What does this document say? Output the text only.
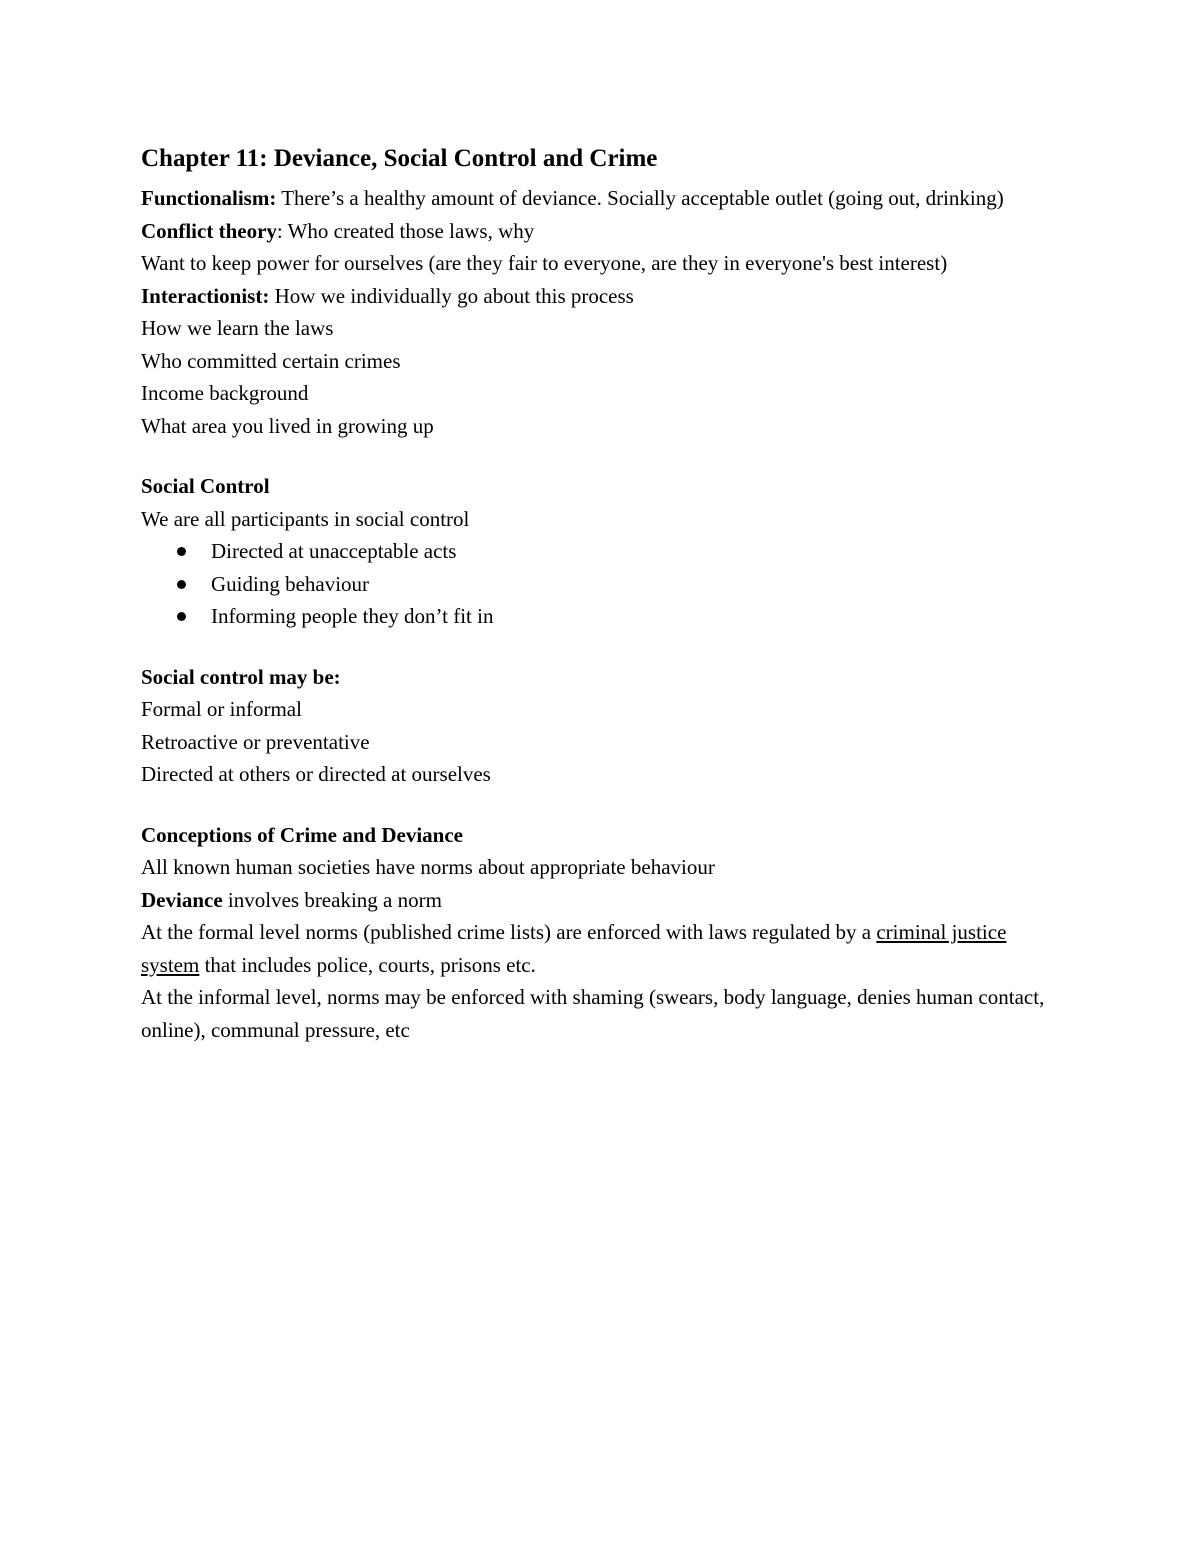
Chapter 11: Deviance, Social Control and Crime

Functionalism: There’s a healthy amount of deviance. Socially acceptable outlet (going out, drinking)

Conflict theory: Who created those laws, why

Want to keep power for ourselves (are they fair to everyone, are they in everyone's best interest)

Interactionist: How we individually go about this process

How we learn the laws

Who committed certain crimes

Income background

What area you lived in growing up

Social Control

We are all participants in social control

Directed at unacceptable acts
Guiding behaviour
Informing people they don’t fit in

Social control may be:

Formal or informal

Retroactive or preventative

Directed at others or directed at ourselves

Conceptions of Crime and Deviance

All known human societies have norms about appropriate behaviour

Deviance involves breaking a norm

At the formal level norms (published crime lists) are enforced with laws regulated by a criminal justice system that includes police, courts, prisons etc.

At the informal level, norms may be enforced with shaming (swears, body language, denies human contact, online), communal pressure, etc
